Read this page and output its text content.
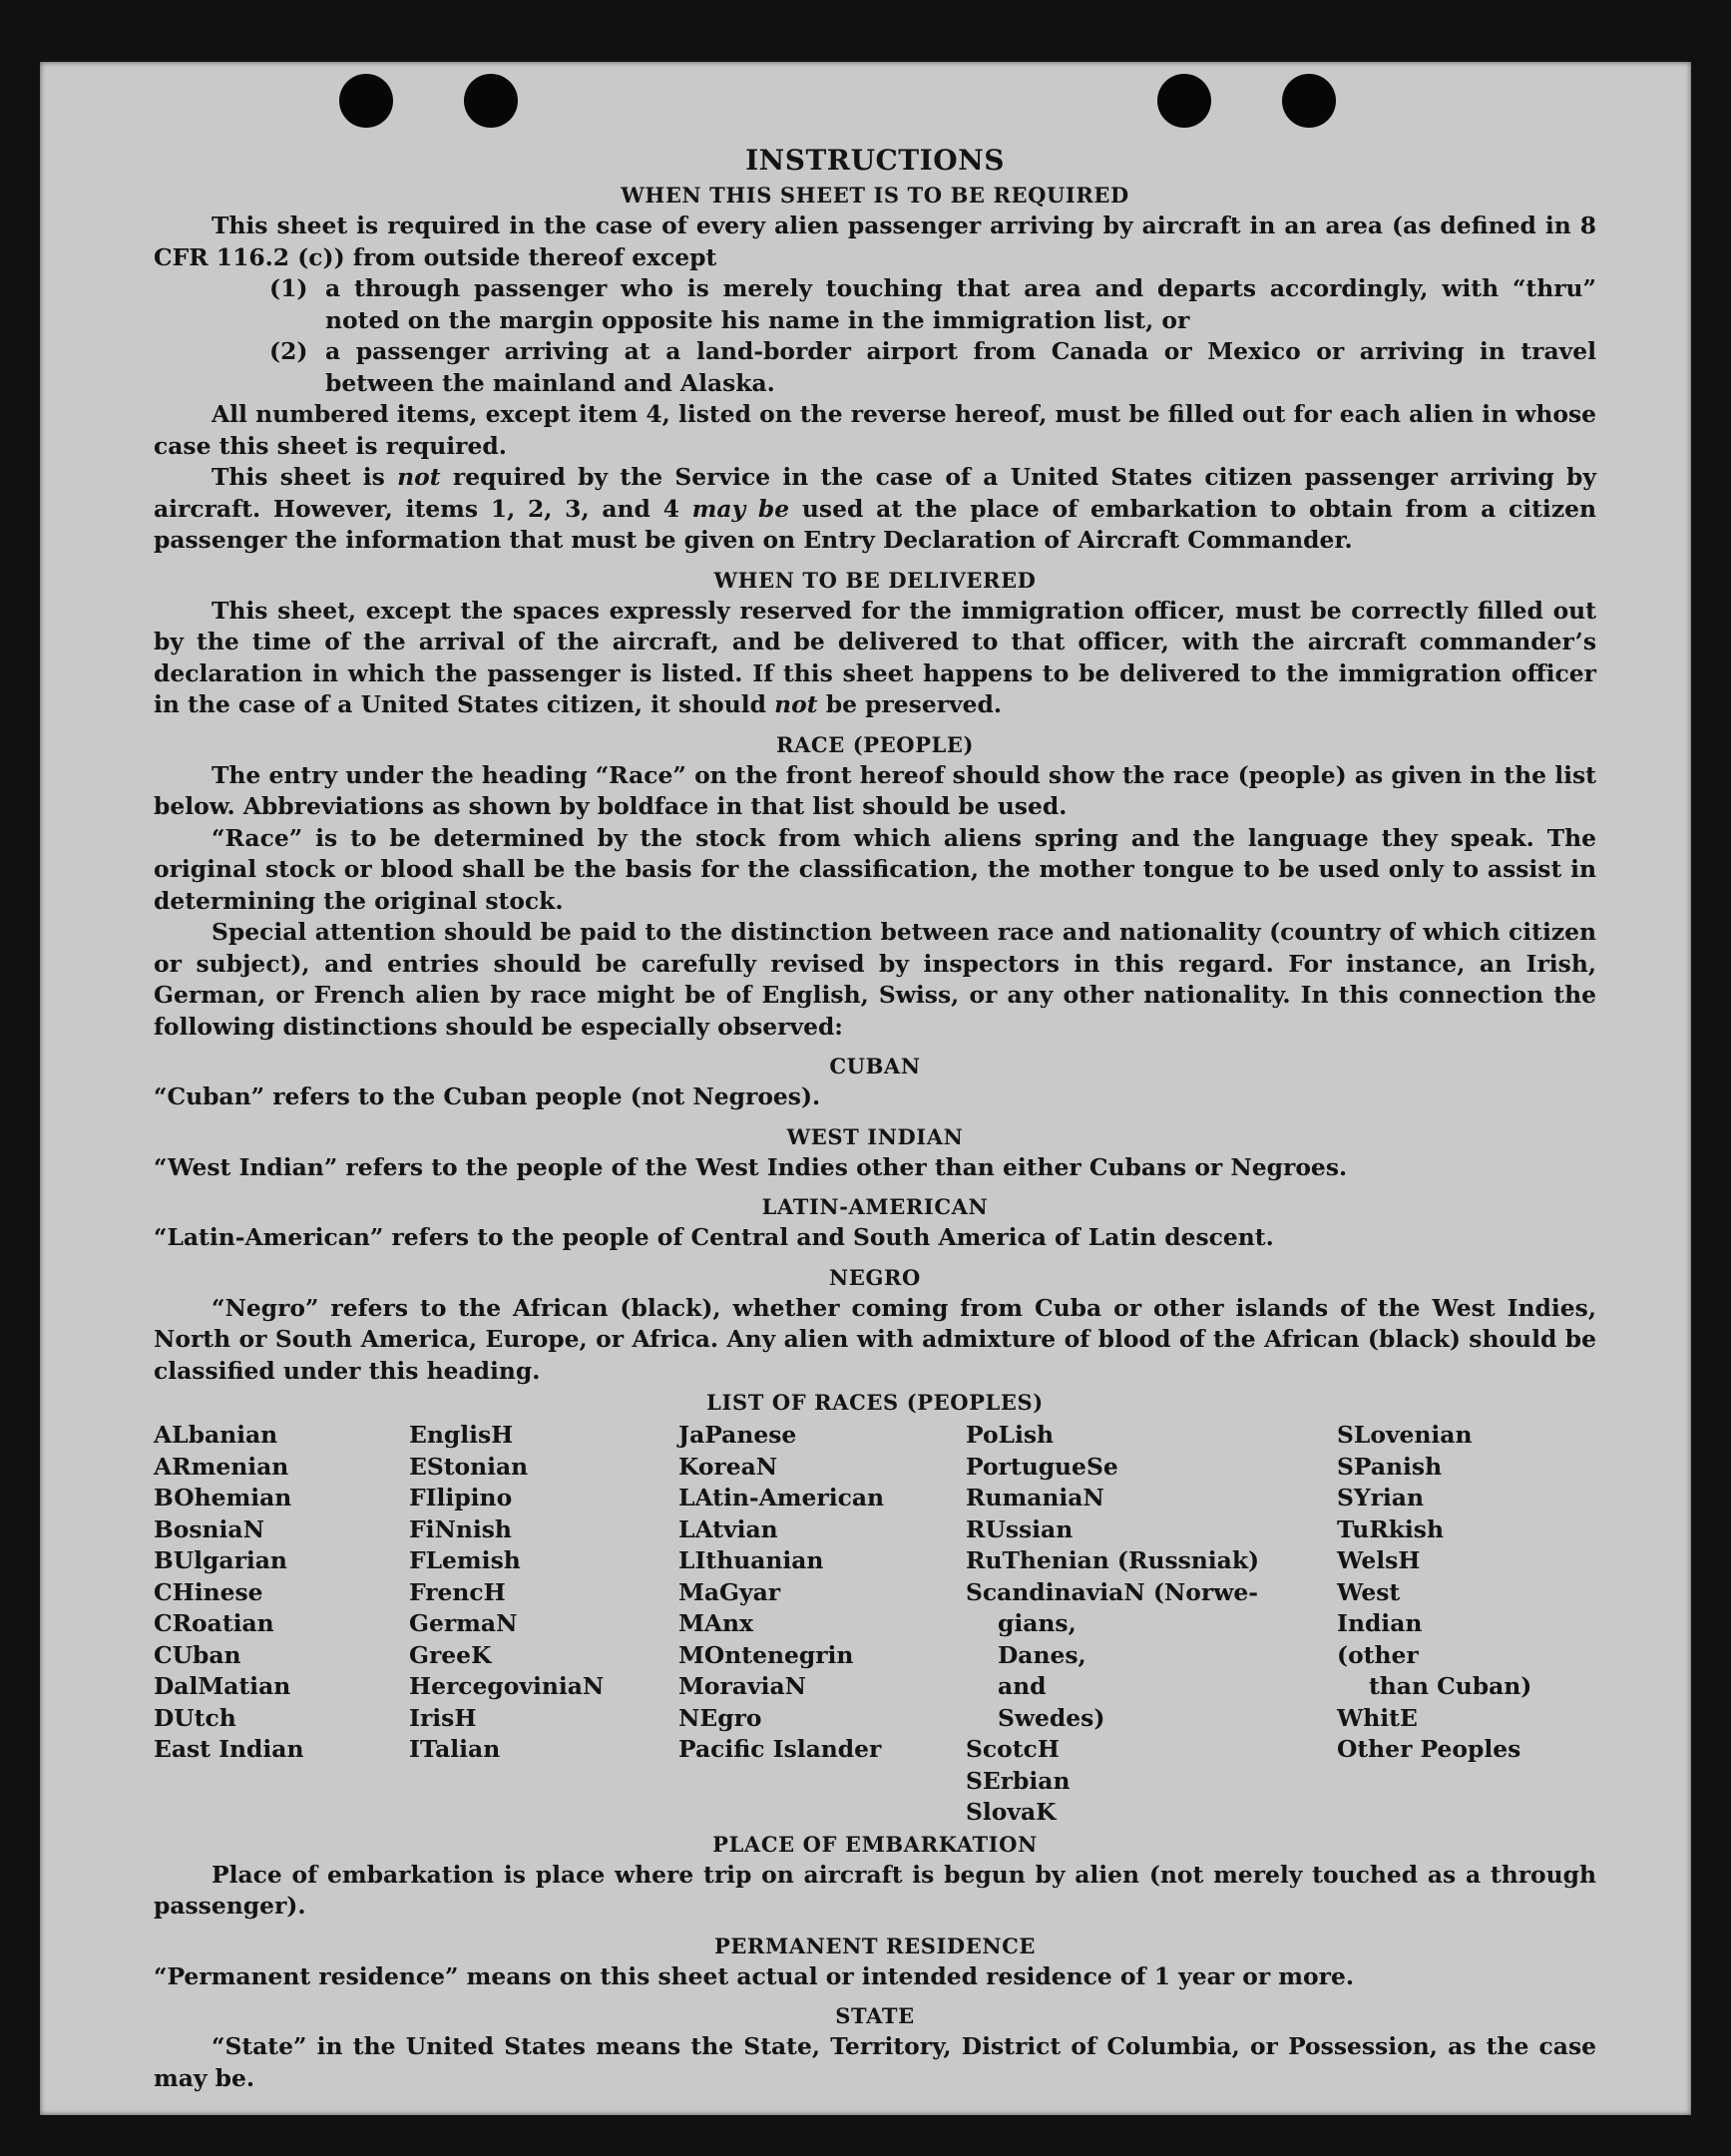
INSTRUCTIONS
WHEN THIS SHEET IS TO BE REQUIRED

This sheet is required in the case of every alien passenger arriving by aircraft in an area (as defined in 8 CFR 116.2 (c)) from outside thereof except

(1) a through passenger who is merely touching that area and departs accordingly, with “thru” noted on the margin opposite his name in the immigration list, or
(2) a passenger arriving at a land-border airport from Canada or Mexico or arriving in travel between the mainland and Alaska.

All numbered items, except item 4, listed on the reverse hereof, must be filled out for each alien in whose case this sheet is required.

This sheet is not required by the Service in the case of a United States citizen passenger arriving by aircraft. However, items 1, 2, 3, and 4 may be used at the place of embarkation to obtain from a citizen passenger the information that must be given on Entry Declaration of Aircraft Commander.

WHEN TO BE DELIVERED

This sheet, except the spaces expressly reserved for the immigration officer, must be correctly filled out by the time of the arrival of the aircraft, and be delivered to that officer, with the aircraft commander’s declaration in which the passenger is listed. If this sheet happens to be delivered to the immigration officer in the case of a United States citizen, it should not be preserved.

RACE (PEOPLE)

The entry under the heading “Race” on the front hereof should show the race (people) as given in the list below. Abbreviations as shown by boldface in that list should be used.

“Race” is to be determined by the stock from which aliens spring and the language they speak. The original stock or blood shall be the basis for the classification, the mother tongue to be used only to assist in determining the original stock.

Special attention should be paid to the distinction between race and nationality (country of which citizen or subject), and entries should be carefully revised by inspectors in this regard. For instance, an Irish, German, or French alien by race might be of English, Swiss, or any other nationality. In this connection the following distinctions should be especially observed:

CUBAN

“Cuban” refers to the Cuban people (not Negroes).

WEST INDIAN

“West Indian” refers to the people of the West Indies other than either Cubans or Negroes.

LATIN-AMERICAN

“Latin-American” refers to the people of Central and South America of Latin descent.

NEGRO

“Negro” refers to the African (black), whether coming from Cuba or other islands of the West Indies, North or South America, Europe, or Africa. Any alien with admixture of blood of the African (black) should be classified under this heading.

LIST OF RACES (PEOPLES)
ALbanian
ARmenian
BOhemian
BosniaN
BUlgarian
CHinese
CRoatian
CUban
DalMatian
DUtch
East Indian
EnglisH
EStonian
FIlipino
FiNnish
FLemish
FrencH
GermaN
GreeK
HercegoviniaN
IrisH
ITalian
JaPanese
KoreaN
LAtin-American
LAtvian
LIthuanian
MaGyar
MAnx
MOntenegrin
MoraviaN
NEgro
Pacific Islander
PoLish
PortugueSe
RumaniaN
RUssian
RuThenian (Russniak)
ScandinaviaN (Norwe-
gians,
Danes,
and
Swedes)
ScotcH
SErbian
SlovaK
SLovenian
SPanish
SYrian
TuRkish
WelsH
West
Indian
(other
than Cuban)
WhitE
Other Peoples
PLACE OF EMBARKATION

Place of embarkation is place where trip on aircraft is begun by alien (not merely touched as a through passenger).

PERMANENT RESIDENCE

“Permanent residence” means on this sheet actual or intended residence of 1 year or more.

STATE

“State” in the United States means the State, Territory, District of Columbia, or Possession, as the case may be.
